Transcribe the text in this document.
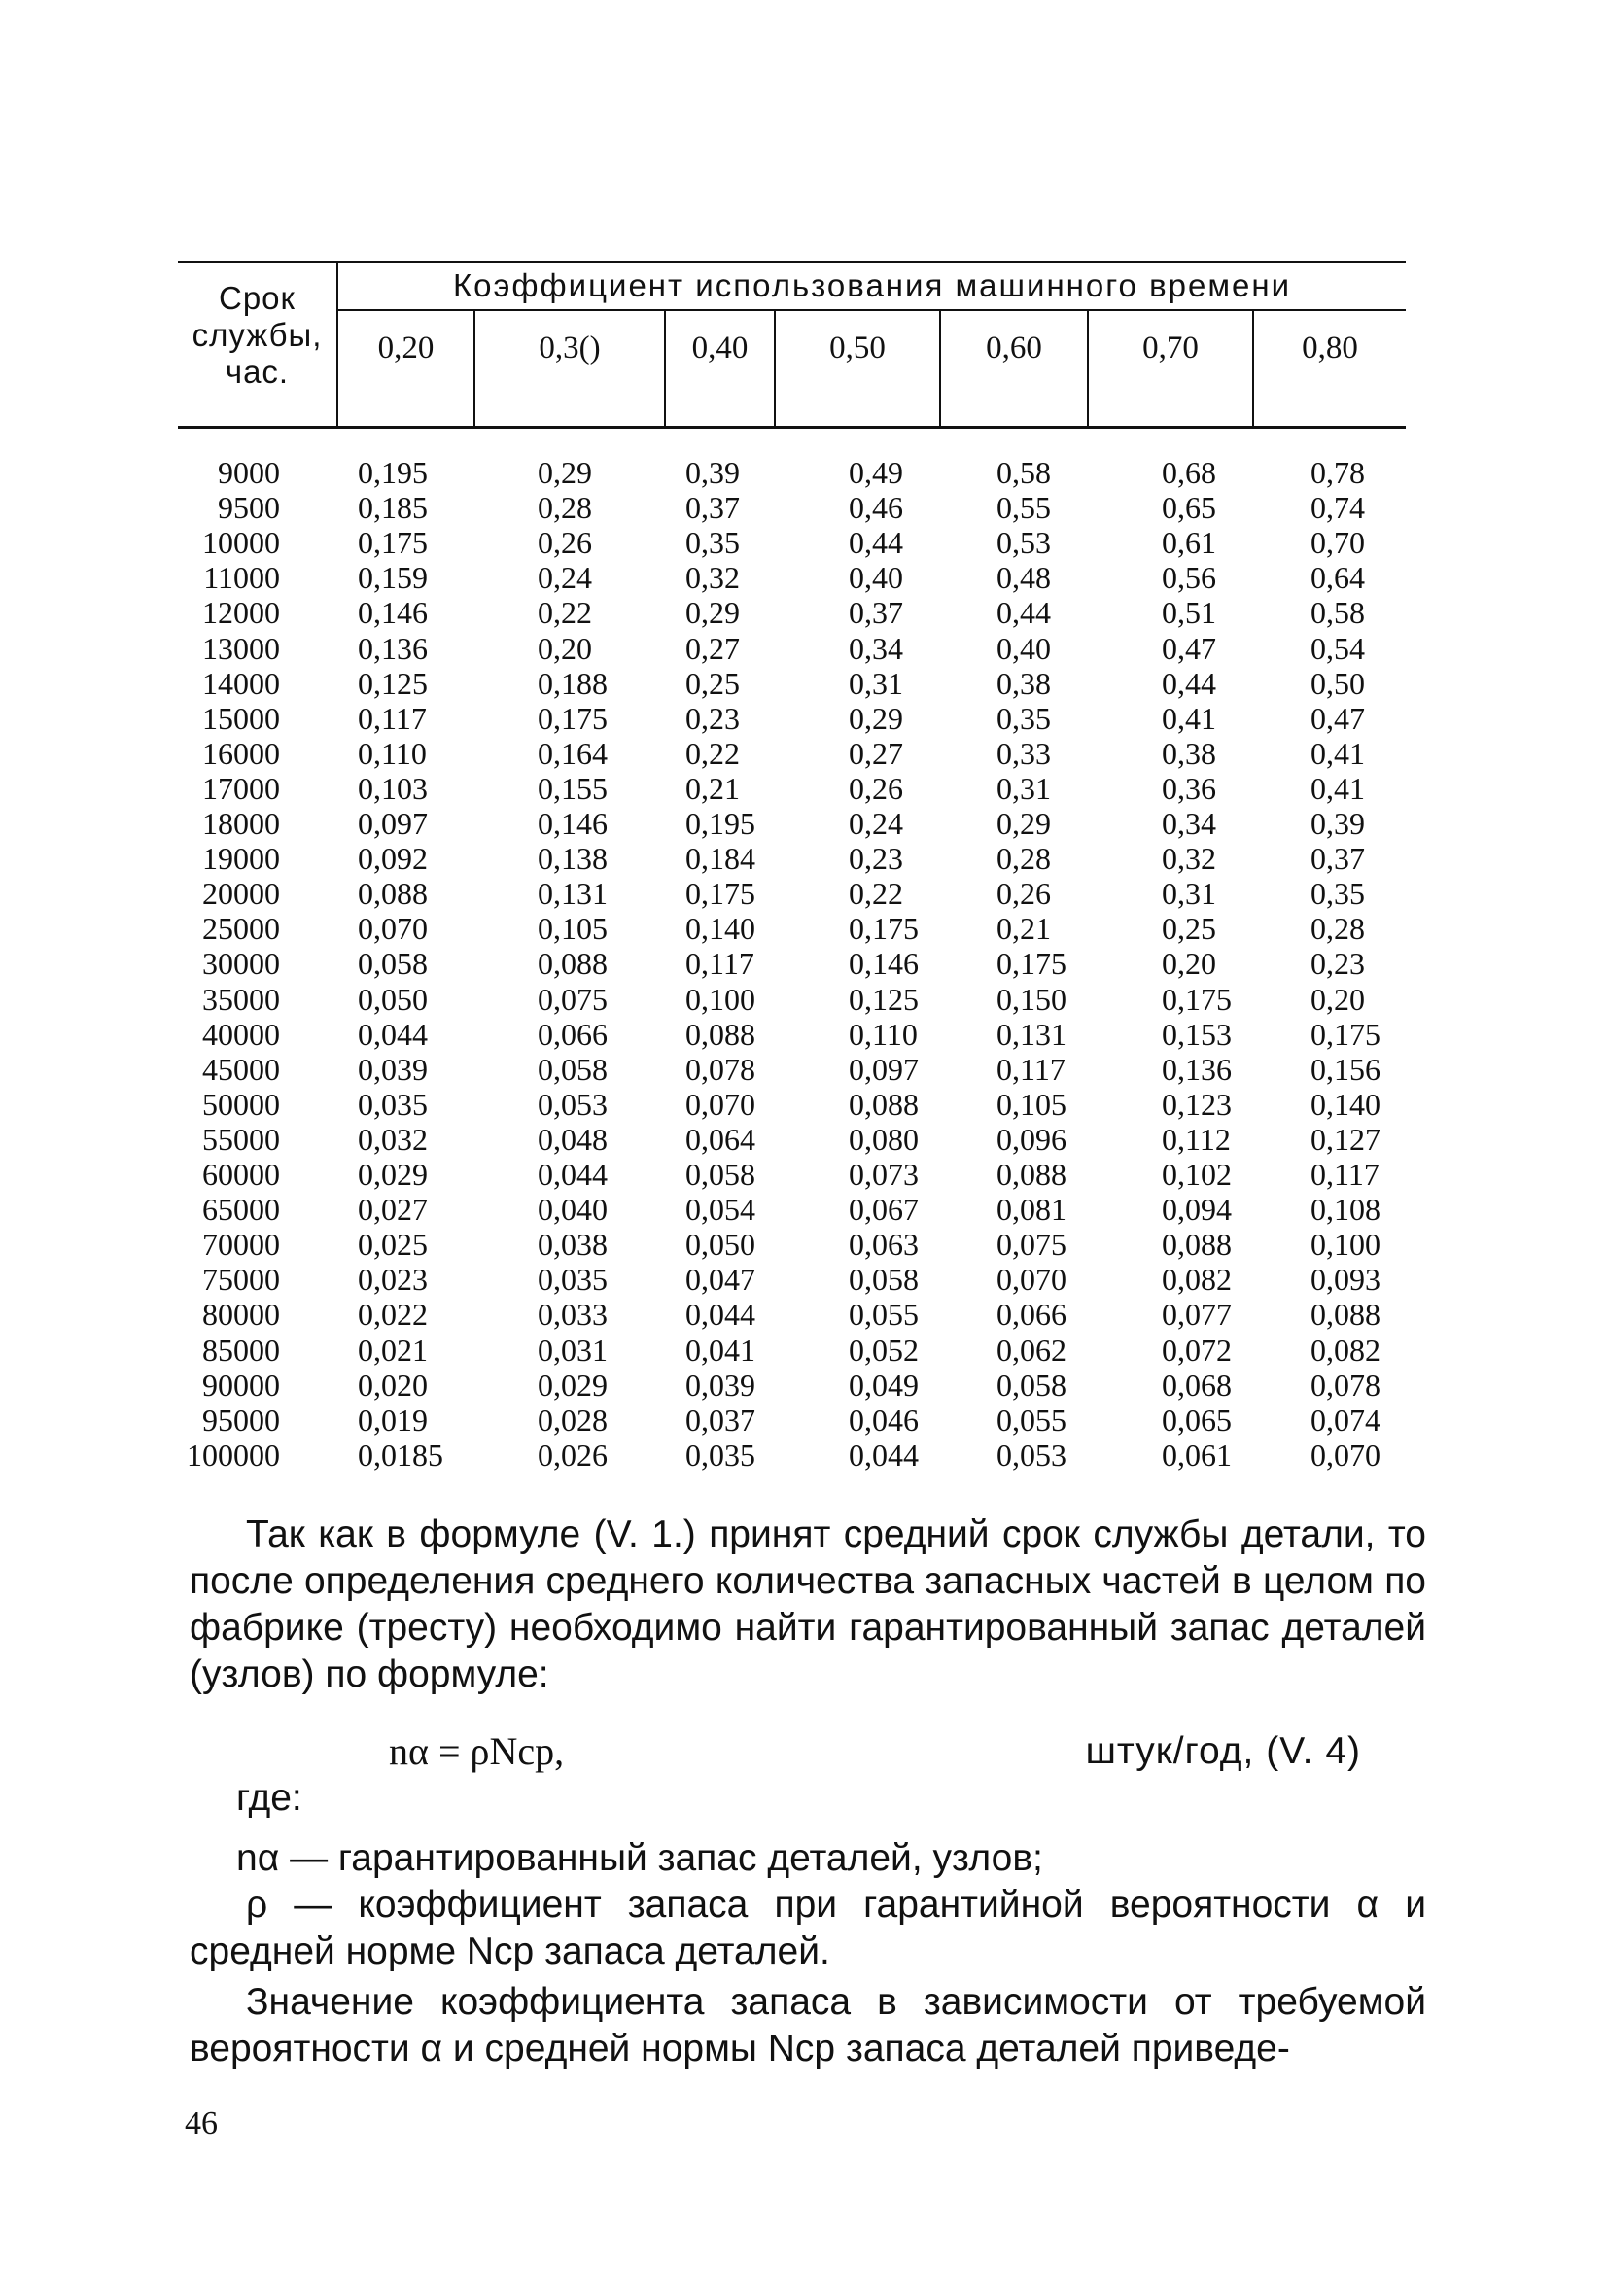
Срок
службы,
час.
Коэффициент использования машинного времени
0,20	0,3()	0,40	0,50	0,60	0,70	0,80
9000	0,195	0,29	0,39	0,49	0,58	0,68	0,78
9500	0,185	0,28	0,37	0,46	0,55	0,65	0,74
10000	0,175	0,26	0,35	0,44	0,53	0,61	0,70
11000	0,159	0,24	0,32	0,40	0,48	0,56	0,64
12000	0,146	0,22	0,29	0,37	0,44	0,51	0,58
13000	0,136	0,20	0,27	0,34	0,40	0,47	0,54
14000	0,125	0,188	0,25	0,31	0,38	0,44	0,50
15000	0,117	0,175	0,23	0,29	0,35	0,41	0,47
16000	0,110	0,164	0,22	0,27	0,33	0,38	0,41
17000	0,103	0,155	0,21	0,26	0,31	0,36	0,41
18000	0,097	0,146	0,195	0,24	0,29	0,34	0,39
19000	0,092	0,138	0,184	0,23	0,28	0,32	0,37
20000	0,088	0,131	0,175	0,22	0,26	0,31	0,35
25000	0,070	0,105	0,140	0,175	0,21	0,25	0,28
30000	0,058	0,088	0,117	0,146	0,175	0,20	0,23
35000	0,050	0,075	0,100	0,125	0,150	0,175	0,20
40000	0,044	0,066	0,088	0,110	0,131	0,153	0,175
45000	0,039	0,058	0,078	0,097	0,117	0,136	0,156
50000	0,035	0,053	0,070	0,088	0,105	0,123	0,140
55000	0,032	0,048	0,064	0,080	0,096	0,112	0,127
60000	0,029	0,044	0,058	0,073	0,088	0,102	0,117
65000	0,027	0,040	0,054	0,067	0,081	0,094	0,108
70000	0,025	0,038	0,050	0,063	0,075	0,088	0,100
75000	0,023	0,035	0,047	0,058	0,070	0,082	0,093
80000	0,022	0,033	0,044	0,055	0,066	0,077	0,088
85000	0,021	0,031	0,041	0,052	0,062	0,072	0,082
90000	0,020	0,029	0,039	0,049	0,058	0,068	0,078
95000	0,019	0,028	0,037	0,046	0,055	0,065	0,074
100000	0,0185	0,026	0,035	0,044	0,053	0,061	0,070

Так как в формуле (V. 1.) принят средний срок службы детали, то после определения среднего количества запасных частей в целом по фабрике (тресту) необходимо найти гарантированный запас деталей (узлов) по формуле:

nα = ρNcp,	штук/год, (V. 4)
где:
nα — гарантированный запас деталей, узлов;

ρ — коэффициент запаса при гарантийной вероятности α и средней норме Ncp запаса деталей.

Значение коэффициента запаса в зависимости от требуемой вероятности α и средней нормы Ncp запаса деталей приведе-

46
